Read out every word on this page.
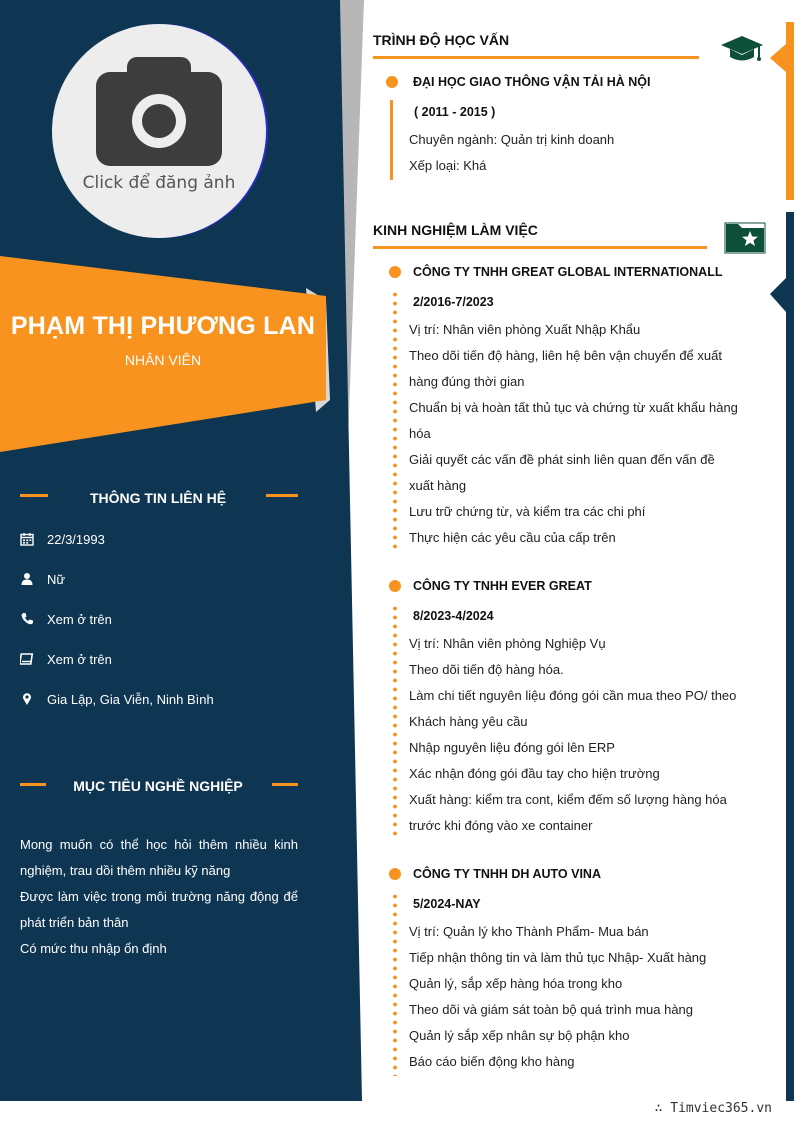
Click để đăng ảnh
PHẠM THỊ PHƯƠNG LAN
NHÂN VIÊN
THÔNG TIN LIÊN HỆ
22/3/1993
Nữ
Xem ở trên
Xem ở trên
Gia Lập, Gia Viễn, Ninh Bình
MỤC TIÊU NGHỀ NGHIỆP

Mong muốn có thể học hỏi thêm nhiều kinh nghiệm, trau dồi thêm nhiều kỹ năng

Được làm việc trong môi trường năng động để phát triển bản thân

Có mức thu nhập ổn định

TRÌNH ĐỘ HỌC VẤN
ĐẠI HỌC GIAO THÔNG VẬN TẢI HÀ NỘI
( 2011 - 2015 )
Chuyên ngành: Quản trị kinh doanh
Xếp loại: Khá
KINH NGHIỆM LÀM VIỆC
CÔNG TY TNHH GREAT GLOBAL INTERNATIONALL
2/2016-7/2023
Vị trí: Nhân viên phòng Xuất Nhập Khẩu
Theo dõi tiến độ hàng, liên hệ bên vận chuyển để xuất
hàng đúng thời gian
Chuẩn bị và hoàn tất thủ tục và chứng từ xuất khẩu hàng
hóa
Giải quyết các vấn đề phát sinh liên quan đến vấn đề
xuất hàng
Lưu trữ chứng từ, và kiểm tra các chi phí
Thực hiện các yêu cầu của cấp trên
CÔNG TY TNHH EVER GREAT
8/2023-4/2024
Vị trí: Nhân viên phòng Nghiệp Vụ
Theo dõi tiến độ hàng hóa.
Làm chi tiết nguyên liệu đóng gói cần mua theo PO/ theo
Khách hàng yêu cầu
Nhập nguyên liệu đóng gói lên ERP
Xác nhận đóng gói đầu tay cho hiện trường
Xuất hàng: kiểm tra cont, kiểm đếm số lượng hàng hóa
trước khi đóng vào xe container
CÔNG TY TNHH DH AUTO VINA
5/2024-NAY
Vị trí: Quản lý kho Thành Phẩm- Mua bán
Tiếp nhận thông tin và làm thủ tục Nhập- Xuất hàng
Quản lý, sắp xếp hàng hóa trong kho
Theo dõi và giám sát toàn bộ quá trình mua hàng
Quản lý sắp xếp nhân sự bộ phận kho
Báo cáo biến động kho hàng
∴ Timviec365.vn
